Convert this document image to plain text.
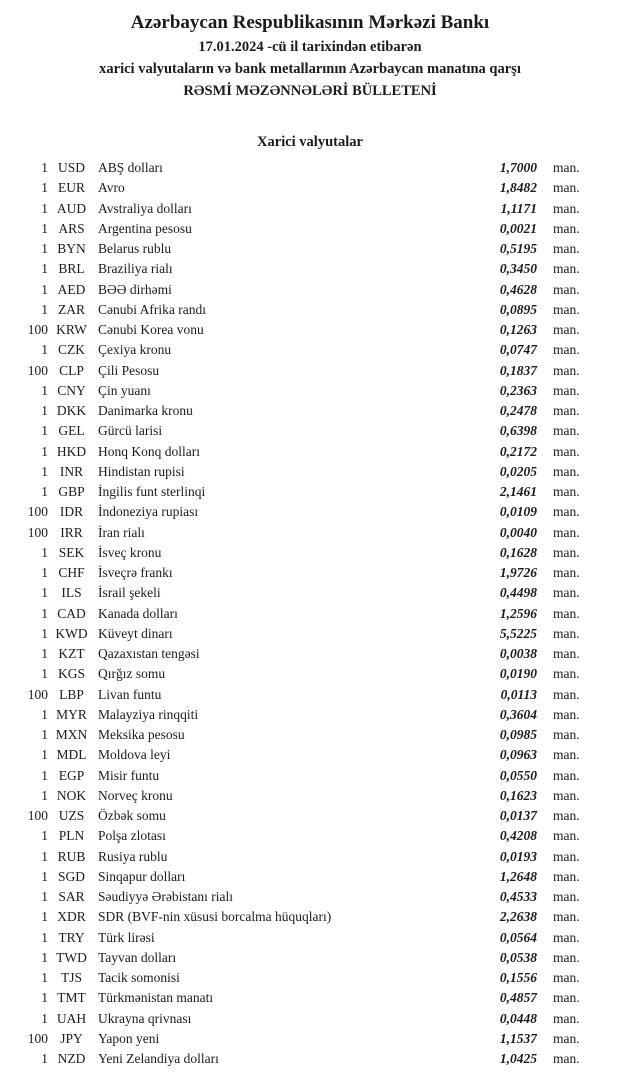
Azərbaycan Respublikasının Mərkəzi Bankı
17.01.2024 -cü il tarixindən etibarən
xarici valyutaların və bank metallarının Azərbaycan manatına qarşı
RƏSMİ MƏZƏNNƏLƏRİ BÜLLETENİ
Xarici valyutalar
1 USD ABŞ dolları	1,7000 man.
1 EUR Avro	1,8482 man.
1 AUD Avstraliya dolları	1,1171 man.
1 ARS Argentina pesosu	0,0021 man.
1 BYN Belarus rublu	0,5195 man.
1 BRL Braziliya rialı	0,3450 man.
1 AED BƏƏ dirhəmi	0,4628 man.
1 ZAR Cənubi Afrika randı	0,0895 man.
100 KRW Cənubi Korea vonu	0,1263 man.
1 CZK Çexiya kronu	0,0747 man.
100 CLP	Çili Pesosu	0,1837 man.
1 CNY Çin yuanı	0,2363 man.
1 DKK Danimarka kronu	0,2478 man.
1 GEL Gürcü larisi	0,6398 man.
1 HKD Honq Konq dolları	0,2172 man.
1 INR	Hindistan rupisi	0,0205 man.
1 GBP İngilis funt sterlinqi	2,1461 man.
100 IDR	İndoneziya rupiası	0,0109 man.
100 IRR	İran rialı	0,0040 man.
1 SEK	İsveç kronu	0,1628 man.
1 CHF İsveçrə frankı	1,9726 man.
1 ILS	İsrail şekeli	0,4498 man.
1 CAD Kanada dolları	1,2596 man.
1 KWD Küveyt dinarı	5,5225 man.
1 KZT Qazaxıstan tengəsi	0,0038 man.
1 KGS Qırğız somu	0,0190 man.
100 LBP	Livan funtu	0,0113 man.
1 MYR Malayziya rinqqiti	0,3604 man.
1 MXN Meksika pesosu	0,0985 man.
1 MDL Moldova leyi	0,0963 man.
1 EGP	Misir funtu	0,0550 man.
1 NOK Norveç kronu	0,1623 man.
100 UZS	Özbək somu	0,0137 man.
1 PLN	Polşa zlotası	0,4208 man.
1 RUB Rusiya rublu	0,0193 man.
1 SGD Sinqapur dolları	1,2648 man.
1 SAR Səudiyyə Ərəbistanı rialı	0,4533 man.
1 XDR SDR (BVF-nin xüsusi borcalma hüquqları)	2,2638 man.
1 TRY Türk lirəsi	0,0564 man.
1 TWD Tayvan dolları	0,0538 man.
1 TJS	Tacik somonisi	0,1556 man.
1 TMT Türkmənistan manatı	0,4857 man.
1 UAH Ukrayna qrivnası	0,0448 man.
100 JPY	Yapon yeni	1,1537 man.
1 NZD Yeni Zelandiya dolları	1,0425 man.
